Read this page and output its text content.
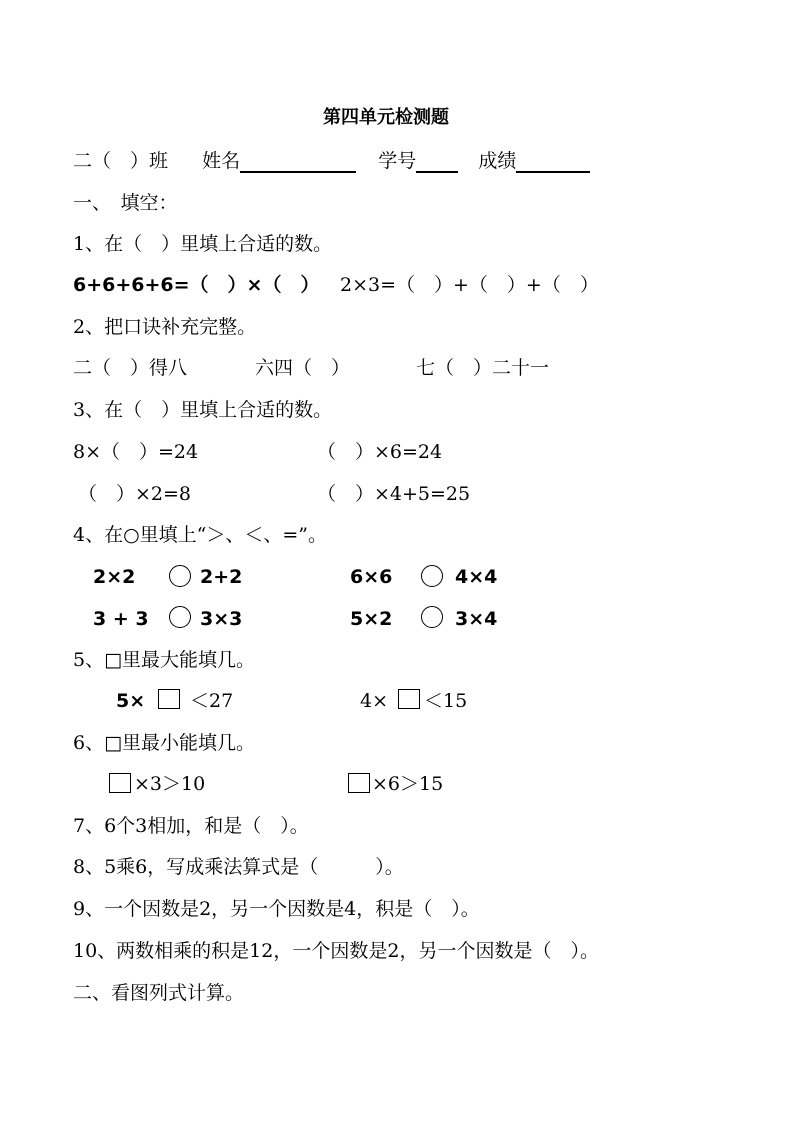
第四单元检测题
二（　）班 姓名	学号	成绩
一、　填空：
1、在（　）里填上合适的数。
6+6+6+6=（　）×（　） 2×3=（　）+（　）+（　）
2、把口诀补充完整。
二（　）得八	六四（　）	七（　）二十一
3、在（　）里填上合适的数。
8×（　）=24	（　）×6=24
（　）×2=8	（　）×4+5=25
4、在○里填上“＞、＜、=”。
2×2	2+2	6×6	4×4
3 + 3	3×3	5×2	3×4
5、□里最大能填几。
5× ＜27	4× ＜15
6、□里最小能填几。
×3＞10	×6＞15
7、6个3相加，和是（　）。
8、5乘6，写成乘法算式是（　　　）。
9、一个因数是2，另一个因数是4，积是（　）。
10、两数相乘的积是12，一个因数是2，另一个因数是（　）。
二、看图列式计算。
